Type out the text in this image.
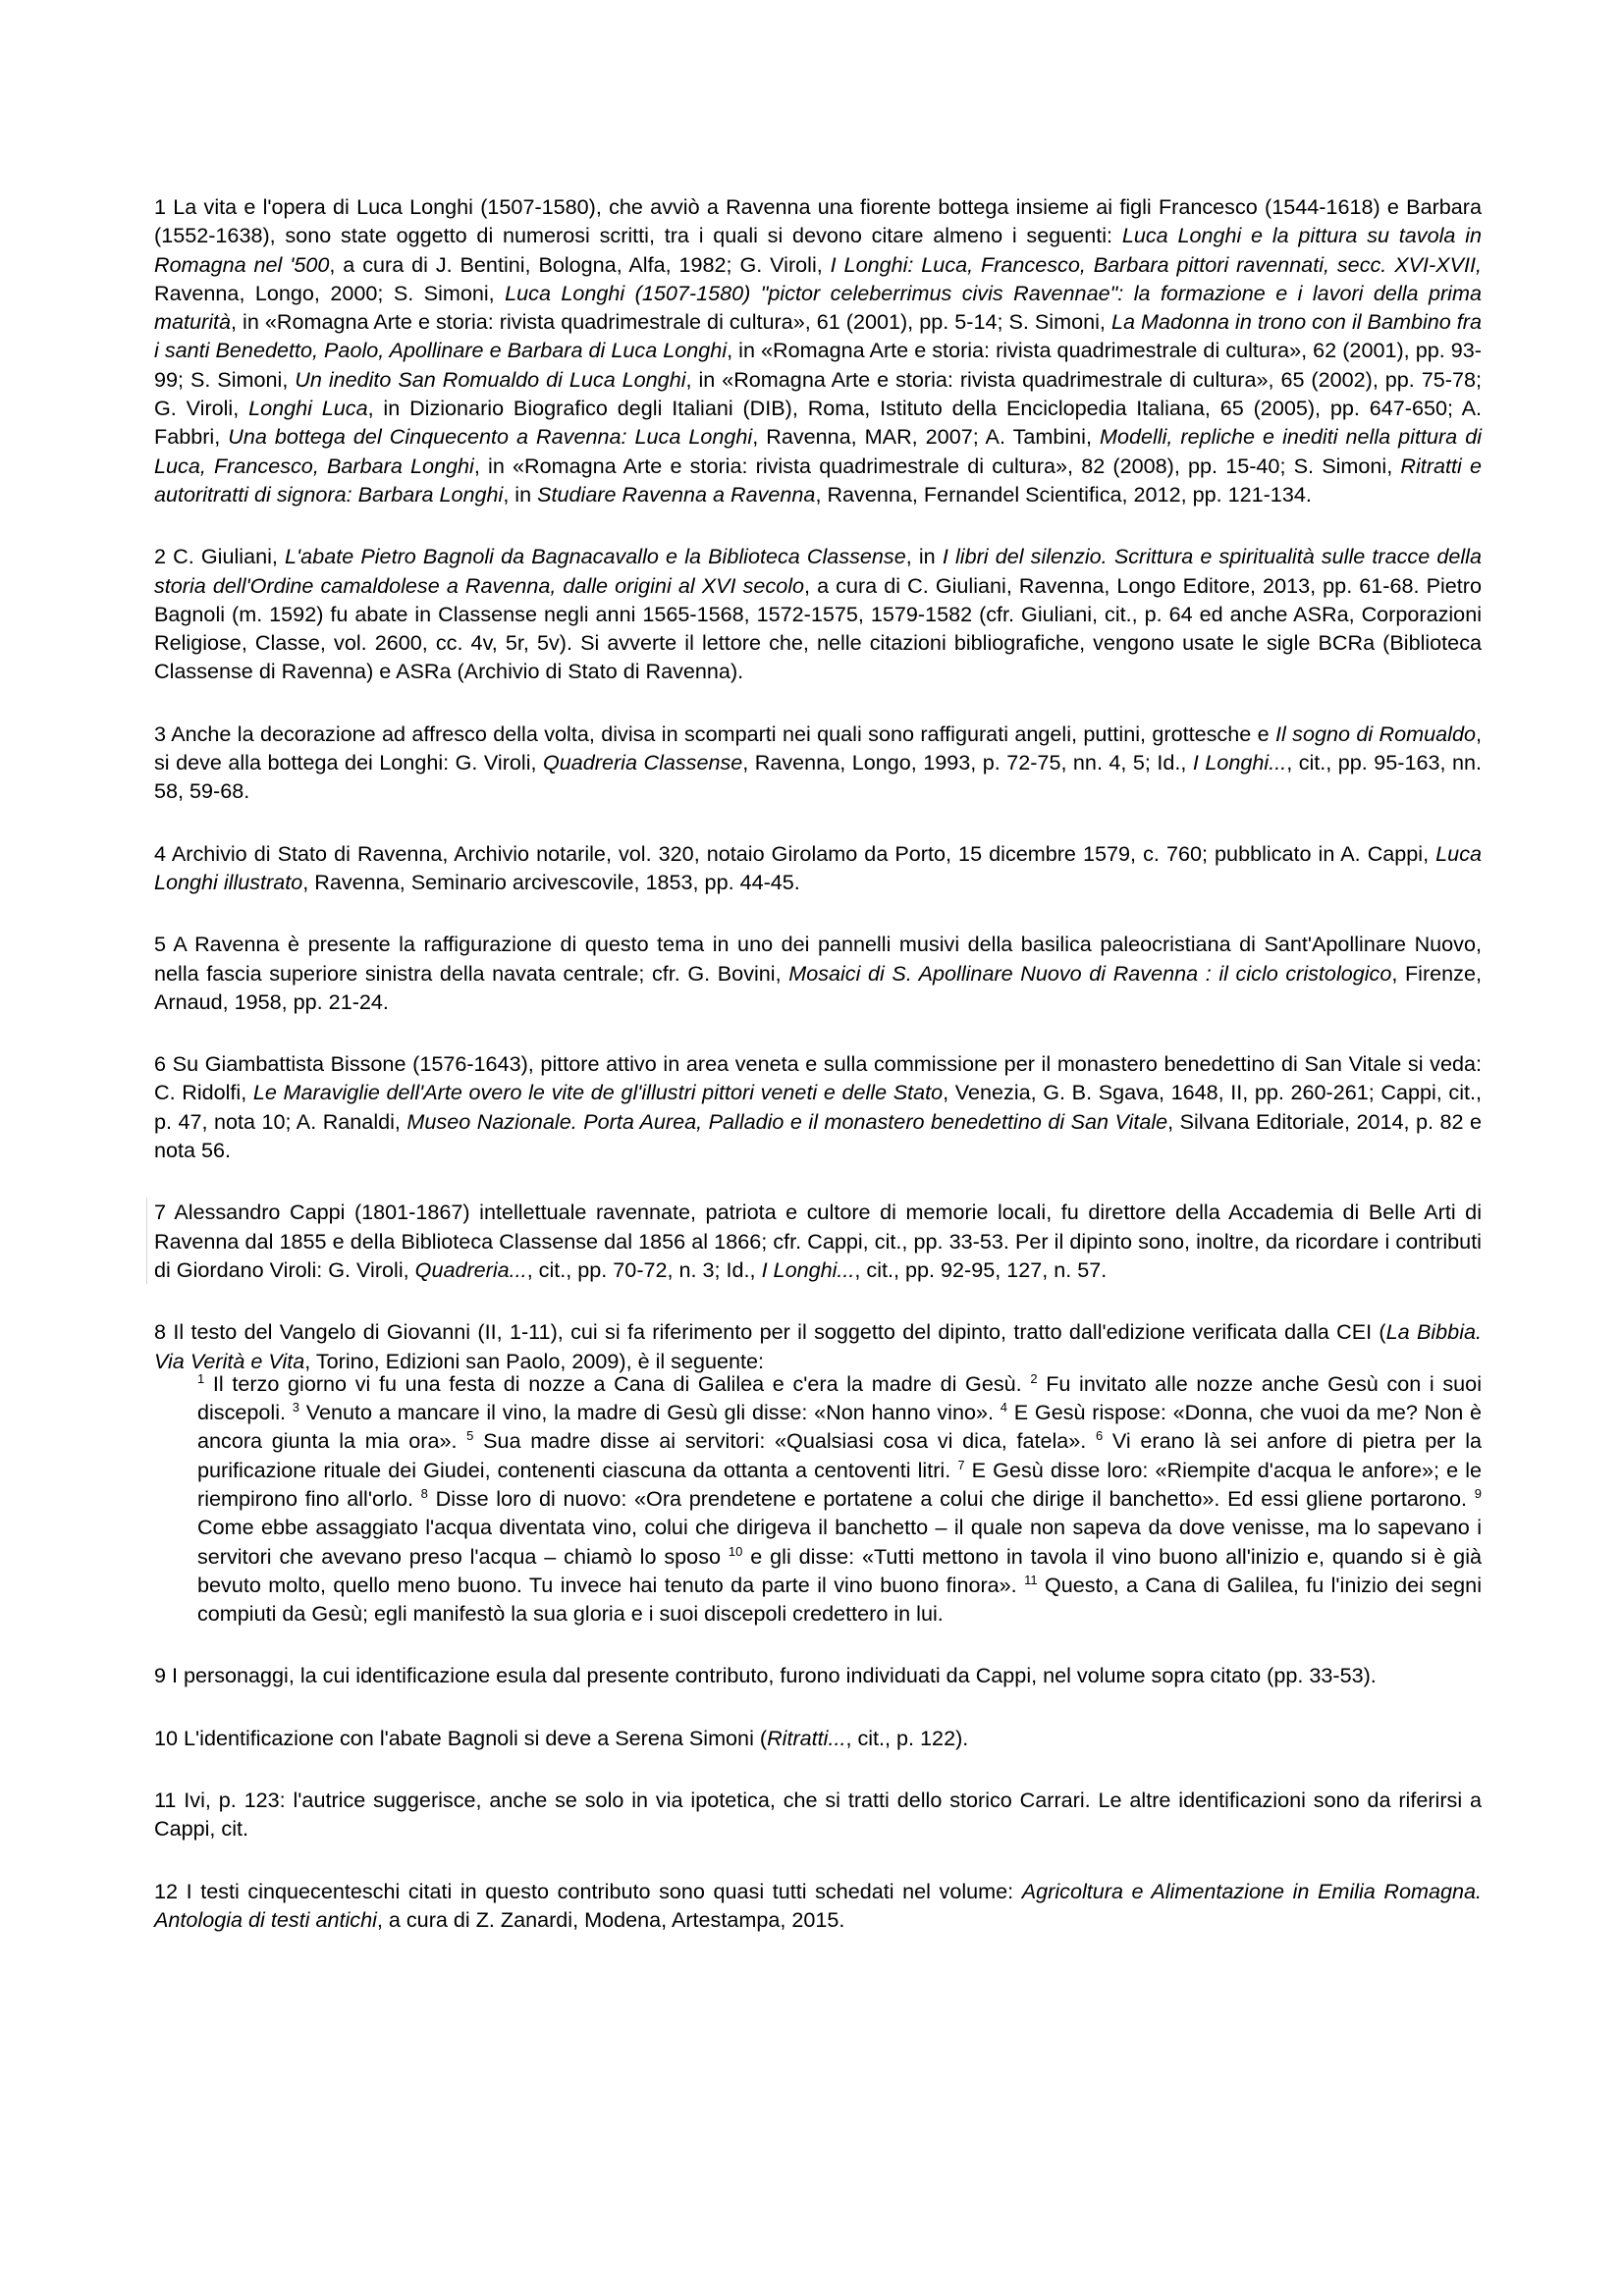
1 La vita e l'opera di Luca Longhi (1507-1580), che avviò a Ravenna una fiorente bottega insieme ai figli Francesco (1544-1618) e Barbara (1552-1638), sono state oggetto di numerosi scritti, tra i quali si devono citare almeno i seguenti: Luca Longhi e la pittura su tavola in Romagna nel '500, a cura di J. Bentini, Bologna, Alfa, 1982; G. Viroli, I Longhi: Luca, Francesco, Barbara pittori ravennati, secc. XVI-XVII, Ravenna, Longo, 2000; S. Simoni, Luca Longhi (1507-1580) "pictor celeberrimus civis Ravennae": la formazione e i lavori della prima maturità, in «Romagna Arte e storia: rivista quadrimestrale di cultura», 61 (2001), pp. 5-14; S. Simoni, La Madonna in trono con il Bambino fra i santi Benedetto, Paolo, Apollinare e Barbara di Luca Longhi, in «Romagna Arte e storia: rivista quadrimestrale di cultura», 62 (2001), pp. 93-99; S. Simoni, Un inedito San Romualdo di Luca Longhi, in «Romagna Arte e storia: rivista quadrimestrale di cultura», 65 (2002), pp. 75-78; G. Viroli, Longhi Luca, in Dizionario Biografico degli Italiani (DIB), Roma, Istituto della Enciclopedia Italiana, 65 (2005), pp. 647-650; A. Fabbri, Una bottega del Cinquecento a Ravenna: Luca Longhi, Ravenna, MAR, 2007; A. Tambini, Modelli, repliche e inediti nella pittura di Luca, Francesco, Barbara Longhi, in «Romagna Arte e storia: rivista quadrimestrale di cultura», 82 (2008), pp. 15-40; S. Simoni, Ritratti e autoritratti di signora: Barbara Longhi, in Studiare Ravenna a Ravenna, Ravenna, Fernandel Scientifica, 2012, pp. 121-134.

2 C. Giuliani, L'abate Pietro Bagnoli da Bagnacavallo e la Biblioteca Classense, in I libri del silenzio. Scrittura e spiritualità sulle tracce della storia dell'Ordine camaldolese a Ravenna, dalle origini al XVI secolo, a cura di C. Giuliani, Ravenna, Longo Editore, 2013, pp. 61-68. Pietro Bagnoli (m. 1592) fu abate in Classense negli anni 1565-1568, 1572-1575, 1579-1582 (cfr. Giuliani, cit., p. 64 ed anche ASRa, Corporazioni Religiose, Classe, vol. 2600, cc. 4v, 5r, 5v). Si avverte il lettore che, nelle citazioni bibliografiche, vengono usate le sigle BCRa (Biblioteca Classense di Ravenna) e ASRa (Archivio di Stato di Ravenna).

3 Anche la decorazione ad affresco della volta, divisa in scomparti nei quali sono raffigurati angeli, puttini, grottesche e Il sogno di Romualdo, si deve alla bottega dei Longhi: G. Viroli, Quadreria Classense, Ravenna, Longo, 1993, p. 72-75, nn. 4, 5; Id., I Longhi..., cit., pp. 95-163, nn. 58, 59-68.

4 Archivio di Stato di Ravenna, Archivio notarile, vol. 320, notaio Girolamo da Porto, 15 dicembre 1579, c. 760; pubblicato in A. Cappi, Luca Longhi illustrato, Ravenna, Seminario arcivescovile, 1853, pp. 44-45.

5 A Ravenna è presente la raffigurazione di questo tema in uno dei pannelli musivi della basilica paleocristiana di Sant'Apollinare Nuovo, nella fascia superiore sinistra della navata centrale; cfr. G. Bovini, Mosaici di S. Apollinare Nuovo di Ravenna : il ciclo cristologico, Firenze, Arnaud, 1958, pp. 21-24.

6 Su Giambattista Bissone (1576-1643), pittore attivo in area veneta e sulla commissione per il monastero benedettino di San Vitale si veda: C. Ridolfi, Le Maraviglie dell'Arte overo le vite de gl'illustri pittori veneti e delle Stato, Venezia, G. B. Sgava, 1648, II, pp. 260-261; Cappi, cit., p. 47, nota 10; A. Ranaldi, Museo Nazionale. Porta Aurea, Palladio e il monastero benedettino di San Vitale, Silvana Editoriale, 2014, p. 82 e nota 56.

7 Alessandro Cappi (1801-1867) intellettuale ravennate, patriota e cultore di memorie locali, fu direttore della Accademia di Belle Arti di Ravenna dal 1855 e della Biblioteca Classense dal 1856 al 1866; cfr. Cappi, cit., pp. 33-53. Per il dipinto sono, inoltre, da ricordare i contributi di Giordano Viroli: G. Viroli, Quadreria..., cit., pp. 70-72, n. 3; Id., I Longhi..., cit., pp. 92-95, 127, n. 57.

8 Il testo del Vangelo di Giovanni (II, 1-11), cui si fa riferimento per il soggetto del dipinto, tratto dall'edizione verificata dalla CEI (La Bibbia. Via Verità e Vita, Torino, Edizioni san Paolo, 2009), è il seguente:

$^1$ Il terzo giorno vi fu una festa di nozze a Cana di Galilea e c'era la madre di Gesù. $^2$ Fu invitato alle nozze anche Gesù con i suoi discepoli. $^3$ Venuto a mancare il vino, la madre di Gesù gli disse: «Non hanno vino». $^4$ E Gesù rispose: «Donna, che vuoi da me? Non è ancora giunta la mia ora». $^5$ Sua madre disse ai servitori: «Qualsiasi cosa vi dica, fatela». $^6$ Vi erano là sei anfore di pietra per la purificazione rituale dei Giudei, contenenti ciascuna da ottanta a centoventi litri. $^7$ E Gesù disse loro: «Riempite d'acqua le anfore»; e le riempirono fino all'orlo. $^8$ Disse loro di nuovo: «Ora prendetene e portatene a colui che dirige il banchetto». Ed essi gliene portarono. $^9$ Come ebbe assaggiato l'acqua diventata vino, colui che dirigeva il banchetto – il quale non sapeva da dove venisse, ma lo sapevano i servitori che avevano preso l'acqua – chiamò lo sposo $^{10}$ e gli disse: «Tutti mettono in tavola il vino buono all'inizio e, quando si è già bevuto molto, quello meno buono. Tu invece hai tenuto da parte il vino buono finora». $^{11}$ Questo, a Cana di Galilea, fu l'inizio dei segni compiuti da Gesù; egli manifestò la sua gloria e i suoi discepoli credettero in lui.

9 I personaggi, la cui identificazione esula dal presente contributo, furono individuati da Cappi, nel volume sopra citato (pp. 33-53).

10 L'identificazione con l'abate Bagnoli si deve a Serena Simoni (Ritratti..., cit., p. 122).

11 Ivi, p. 123: l'autrice suggerisce, anche se solo in via ipotetica, che si tratti dello storico Carrari. Le altre identificazioni sono da riferirsi a Cappi, cit.

12 I testi cinquecenteschi citati in questo contributo sono quasi tutti schedati nel volume: Agricoltura e Alimentazione in Emilia Romagna. Antologia di testi antichi, a cura di Z. Zanardi, Modena, Artestampa, 2015.
